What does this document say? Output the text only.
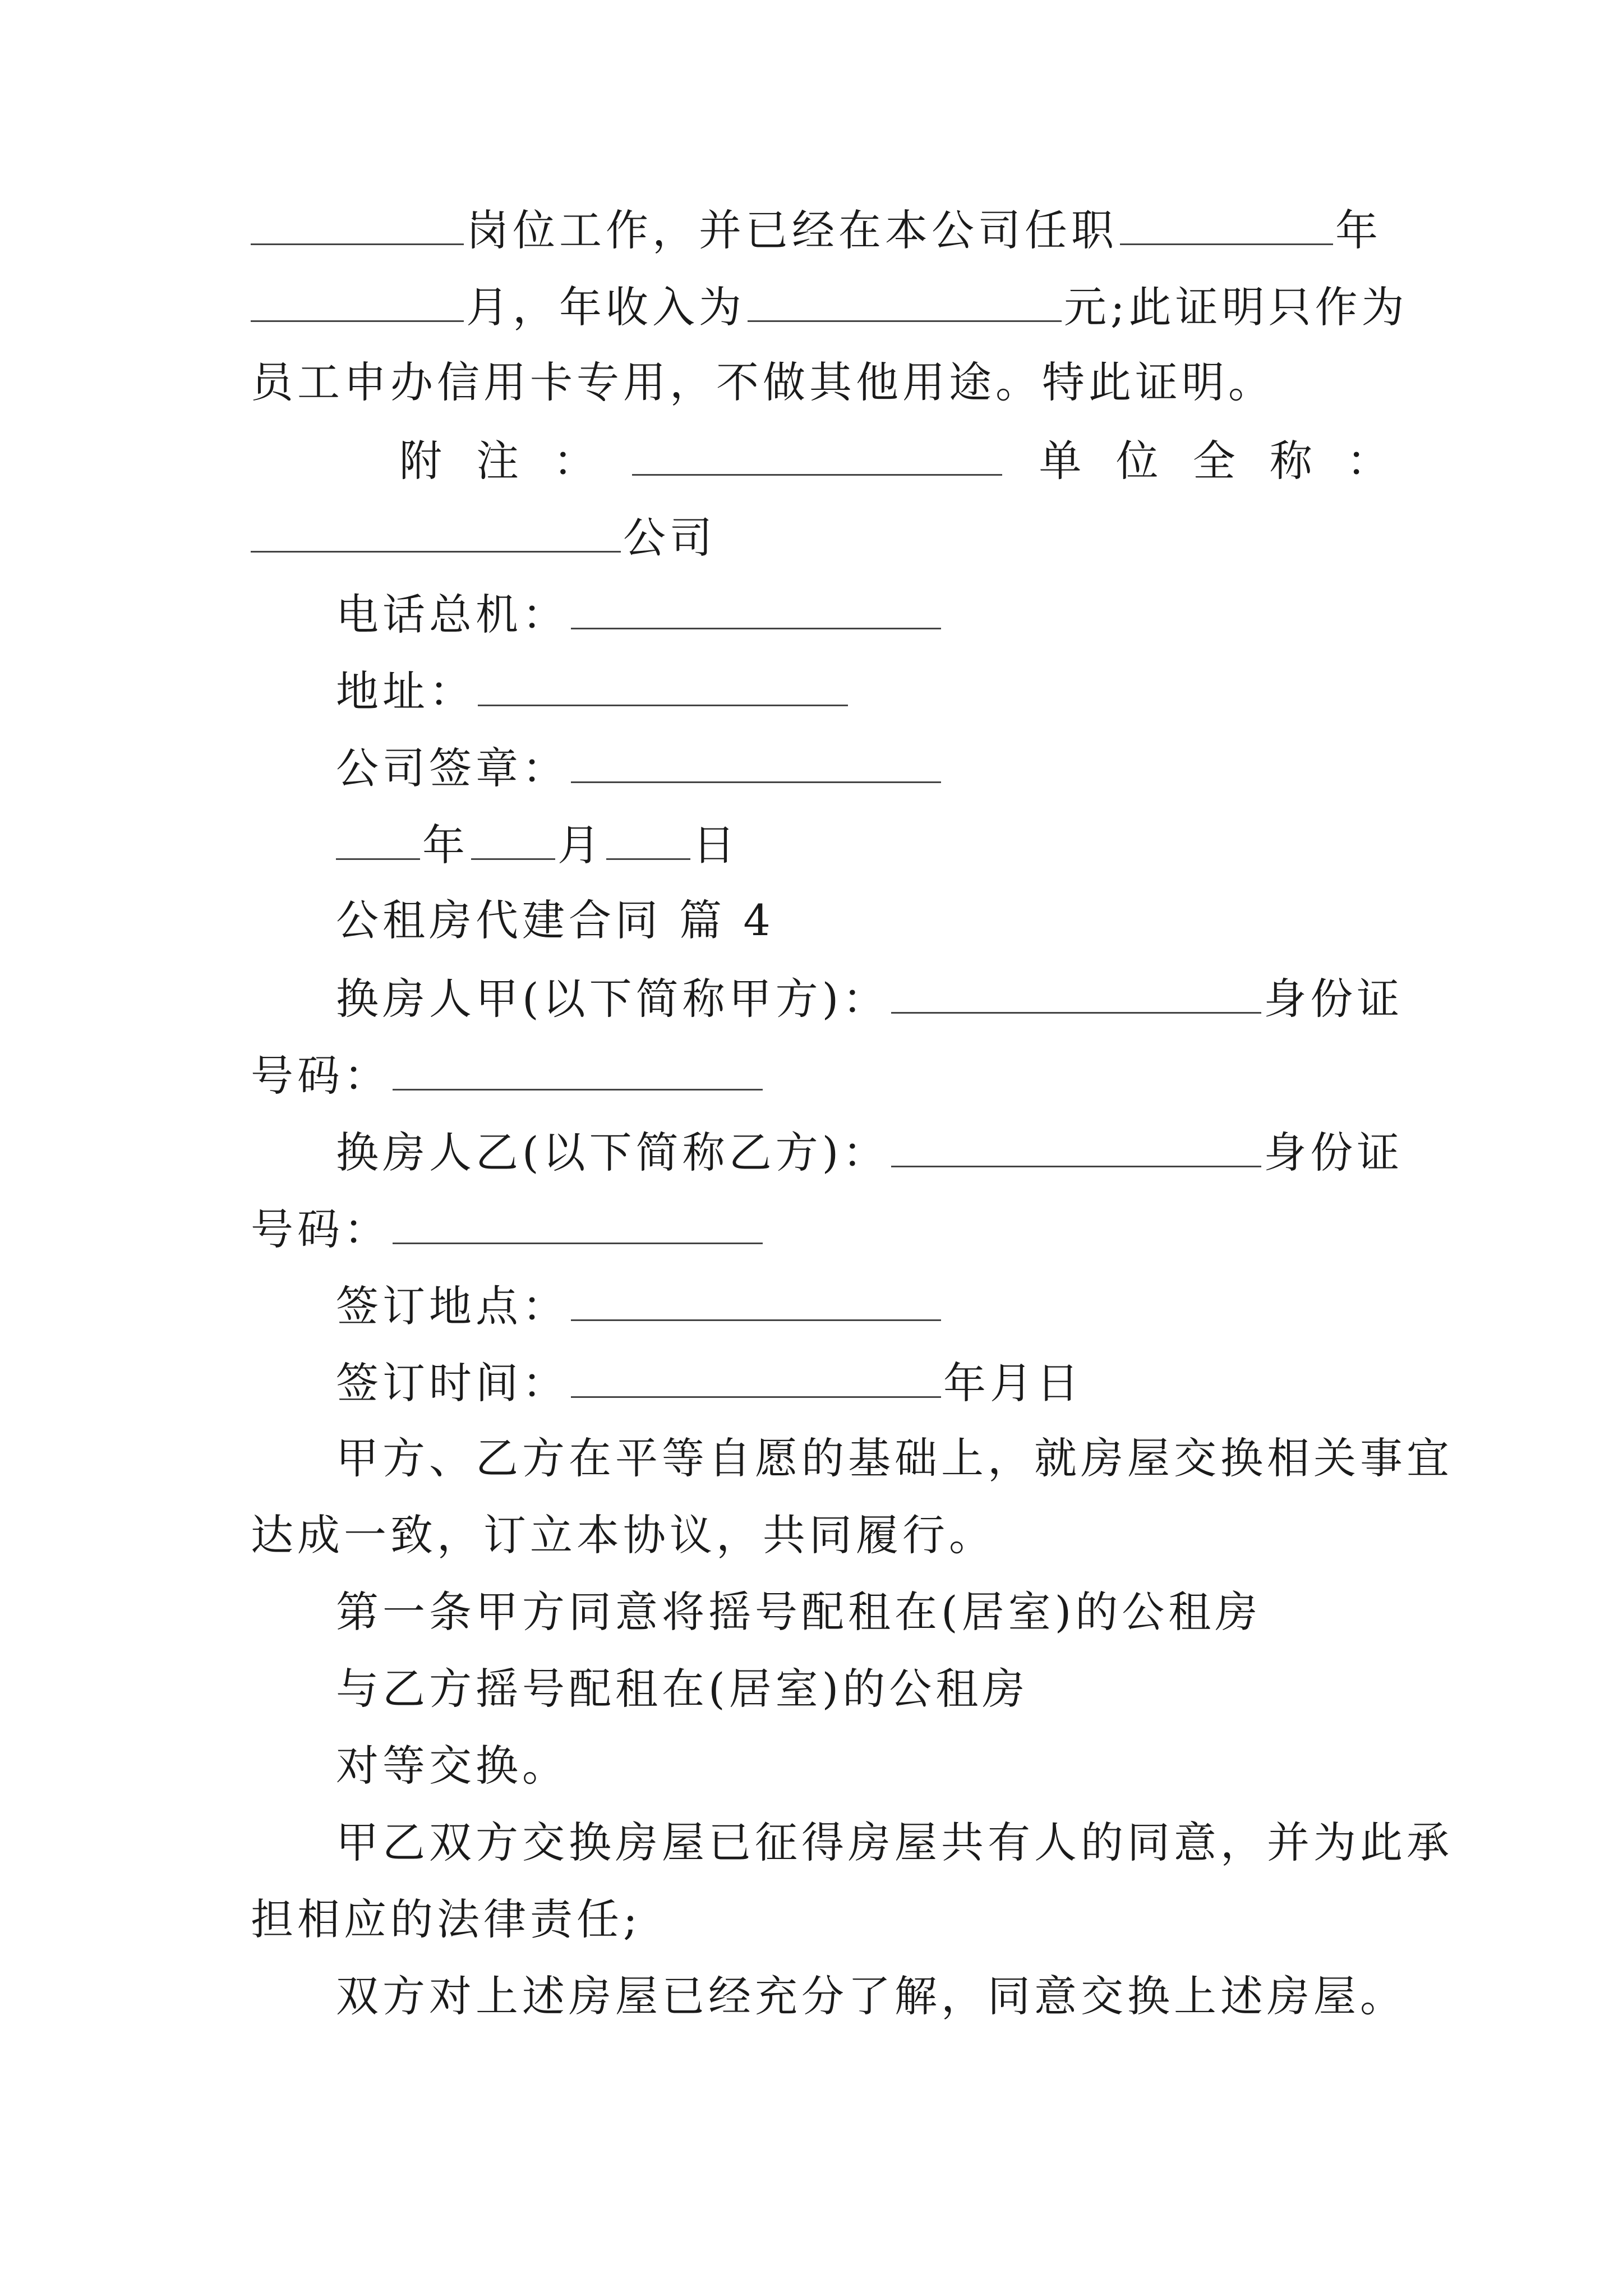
岗位工作，并已经在本公司任职	年
月，年收入为	元;此证明只作为
员工申办信用卡专用，不做其他用途。特此证明。
附 注 ：	单 位 全 称 ：
公司
电话总机：
地址：
公司签章：
年 月 日
公租房代建合同 篇 4
换房人甲(以下简称甲方)：	身份证
号码：
换房人乙(以下简称乙方)：	身份证
号码：
签订地点：
签订时间：	年月日
甲方、乙方在平等自愿的基础上，就房屋交换相关事宜
达成一致，订立本协议，共同履行。
第一条甲方同意将摇号配租在(居室)的公租房
与乙方摇号配租在(居室)的公租房
对等交换。
甲乙双方交换房屋已征得房屋共有人的同意，并为此承
担相应的法律责任;
双方对上述房屋已经充分了解，同意交换上述房屋。
